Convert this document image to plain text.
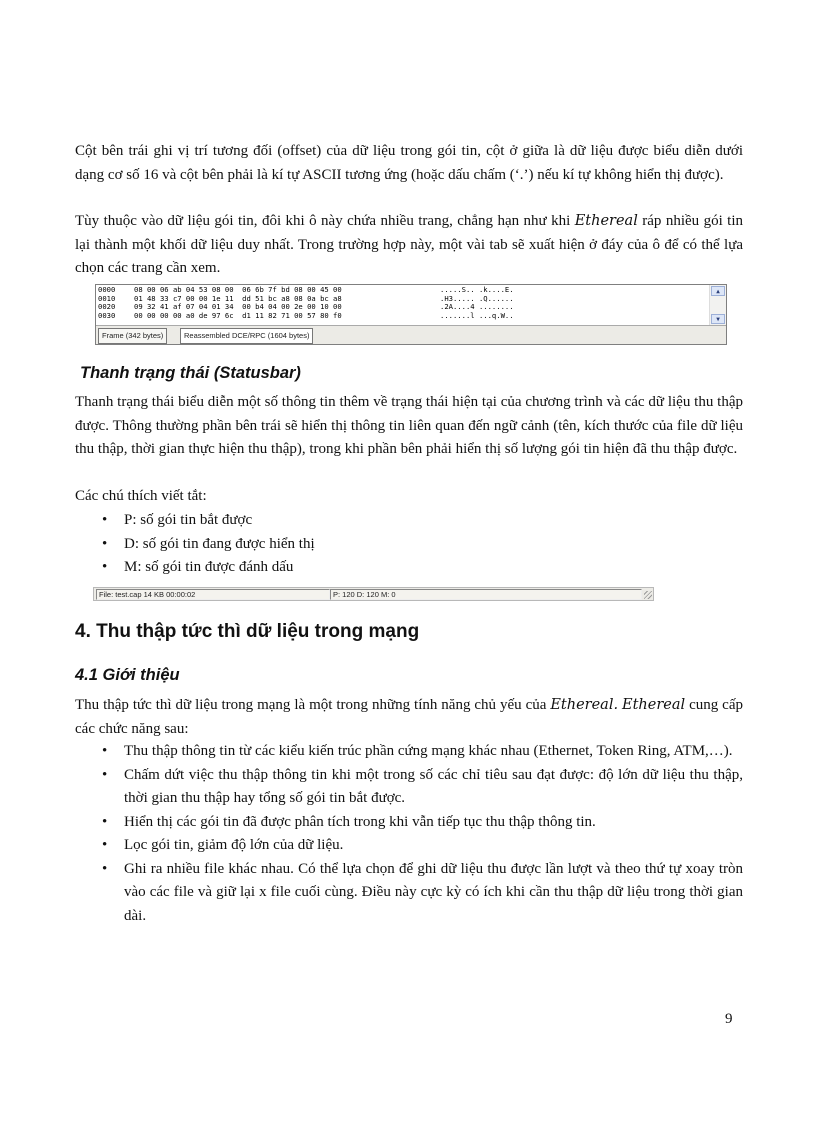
Cột bên trái ghi vị trí tương đối (offset) của dữ liệu trong gói tin, cột ở giữa là dữ liệu được biểu diễn dưới dạng cơ số 16 và cột bên phải là kí tự ASCII tương ứng (hoặc dấu chấm (‘.’) nếu kí tự không hiển thị được).

Tùy thuộc vào dữ liệu gói tin, đôi khi ô này chứa nhiều trang, chẳng hạn như khi Ethereal ráp nhiều gói tin lại thành một khối dữ liệu duy nhất. Trong trường hợp này, một vài tab sẽ xuất hiện ở đáy của ô để có thể lựa chọn các trang cần xem.

0000	08 00 06 ab 04 53 08 00  06 6b 7f bd 08 00 45 00	.....S.. .k....E.
0010	01 48 33 c7 00 00 1e 11  dd 51 bc a8 08 0a bc a8	.H3..... .Q......
0020	09 32 41 af 07 04 01 34  00 b4 04 00 2e 00 10 00	.2A....4 ........
0030	00 00 00 00 a0 de 97 6c  d1 11 82 71 00 57 80 f0	.......l ...q.W..
▲
▼
Frame (342 bytes)	Reassembled DCE/RPC (1604 bytes)
Thanh trạng thái (Statusbar)

Thanh trạng thái biểu diễn một số thông tin thêm về trạng thái hiện tại của chương trình và các dữ liệu thu thập được. Thông thường phần bên trái sẽ hiển thị thông tin liên quan đến ngữ cảnh (tên, kích thước của file dữ liệu thu thập, thời gian thực hiện thu thập), trong khi phần bên phải hiển thị số lượng gói tin hiện đã thu thập được.

Các chú thích viết tắt:

• P: số gói tin bắt được
• D: số gói tin đang được hiển thị
• M: số gói tin được đánh dấu
File: test.cap 14 KB 00:00:02	P: 120 D: 120 M: 0
4. Thu thập tức thì dữ liệu trong mạng
4.1 Giới thiệu

Thu thập tức thì dữ liệu trong mạng là một trong những tính năng chủ yếu của Ethereal. Ethereal cung cấp các chức năng sau:

• Thu thập thông tin từ các kiểu kiến trúc phần cứng mạng khác nhau (Ethernet, Token Ring, ATM,…).
• Chấm dứt việc thu thập thông tin khi một trong số các chỉ tiêu sau đạt được: độ lớn dữ liệu thu thập, thời gian thu thập hay tổng số gói tin bắt được.
• Hiển thị các gói tin đã được phân tích trong khi vẫn tiếp tục thu thập thông tin.
• Lọc gói tin, giảm độ lớn của dữ liệu.
• Ghi ra nhiều file khác nhau. Có thể lựa chọn để ghi dữ liệu thu được lần lượt và theo thứ tự xoay tròn vào các file và giữ lại x file cuối cùng. Điều này cực kỳ có ích khi cần thu thập dữ liệu trong thời gian dài.
9
